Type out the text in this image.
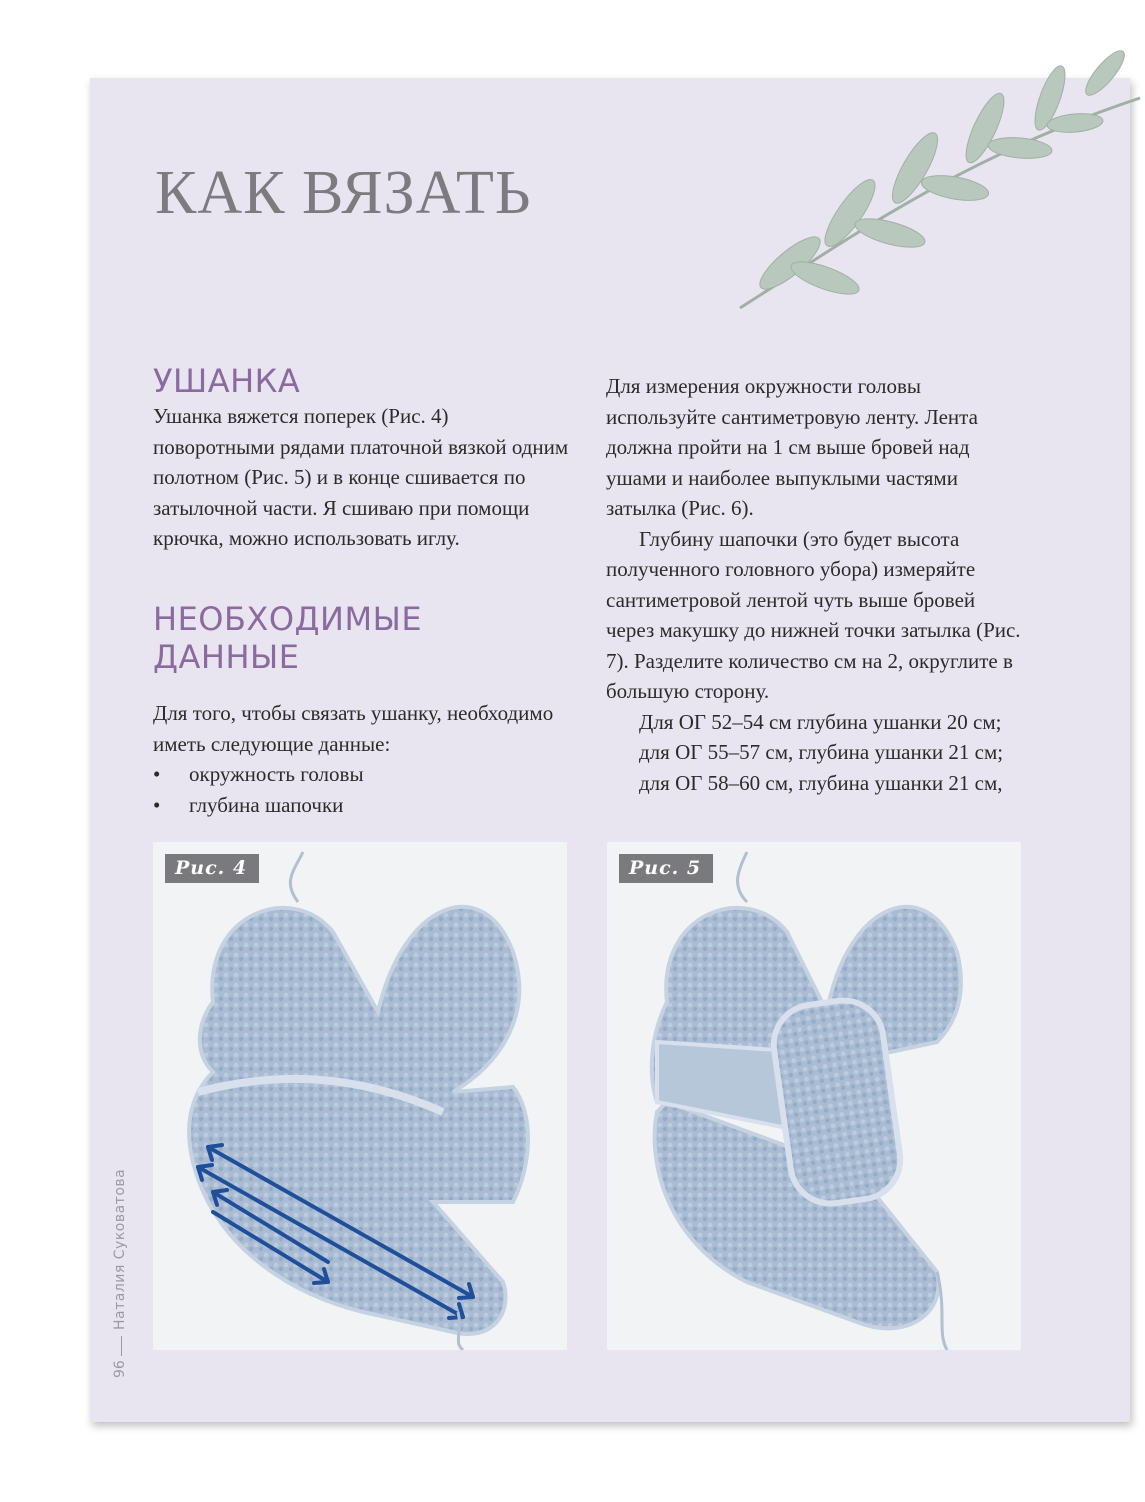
КАК ВЯЗАТЬ
УШАНКА

Ушанка вяжется поперек (Рис. 4) поворотными рядами платочной вязкой одним полотном (Рис. 5) и в конце сшивается по затылочной части. Я сшиваю при помощи крючка, можно использовать иглу.

НЕОБХОДИМЫЕ
ДАННЫЕ

Для того, чтобы связать ушанку, необходимо иметь следующие данные:

• окружность головы
• глубина шапочки

Для измерения окружности головы используйте сантиметровую ленту. Лента должна пройти на 1 см выше бровей над ушами и наиболее выпуклыми частями затылка (Рис. 6).

Глубину шапочки (это будет высота полученного головного убора) измеряйте сантиметровой лентой чуть выше бровей через макушку до нижней точки затылка (Рис. 7). Разделите количество см на 2, округлите в большую сторону.

Для ОГ 52–54 см глубина ушанки 20 см;

для ОГ 55–57 см, глубина ушанки 21 см;

для ОГ 58–60 см, глубина ушанки 21 см,

Рис. 4	Рис. 5
Наталия Суковатова
96
